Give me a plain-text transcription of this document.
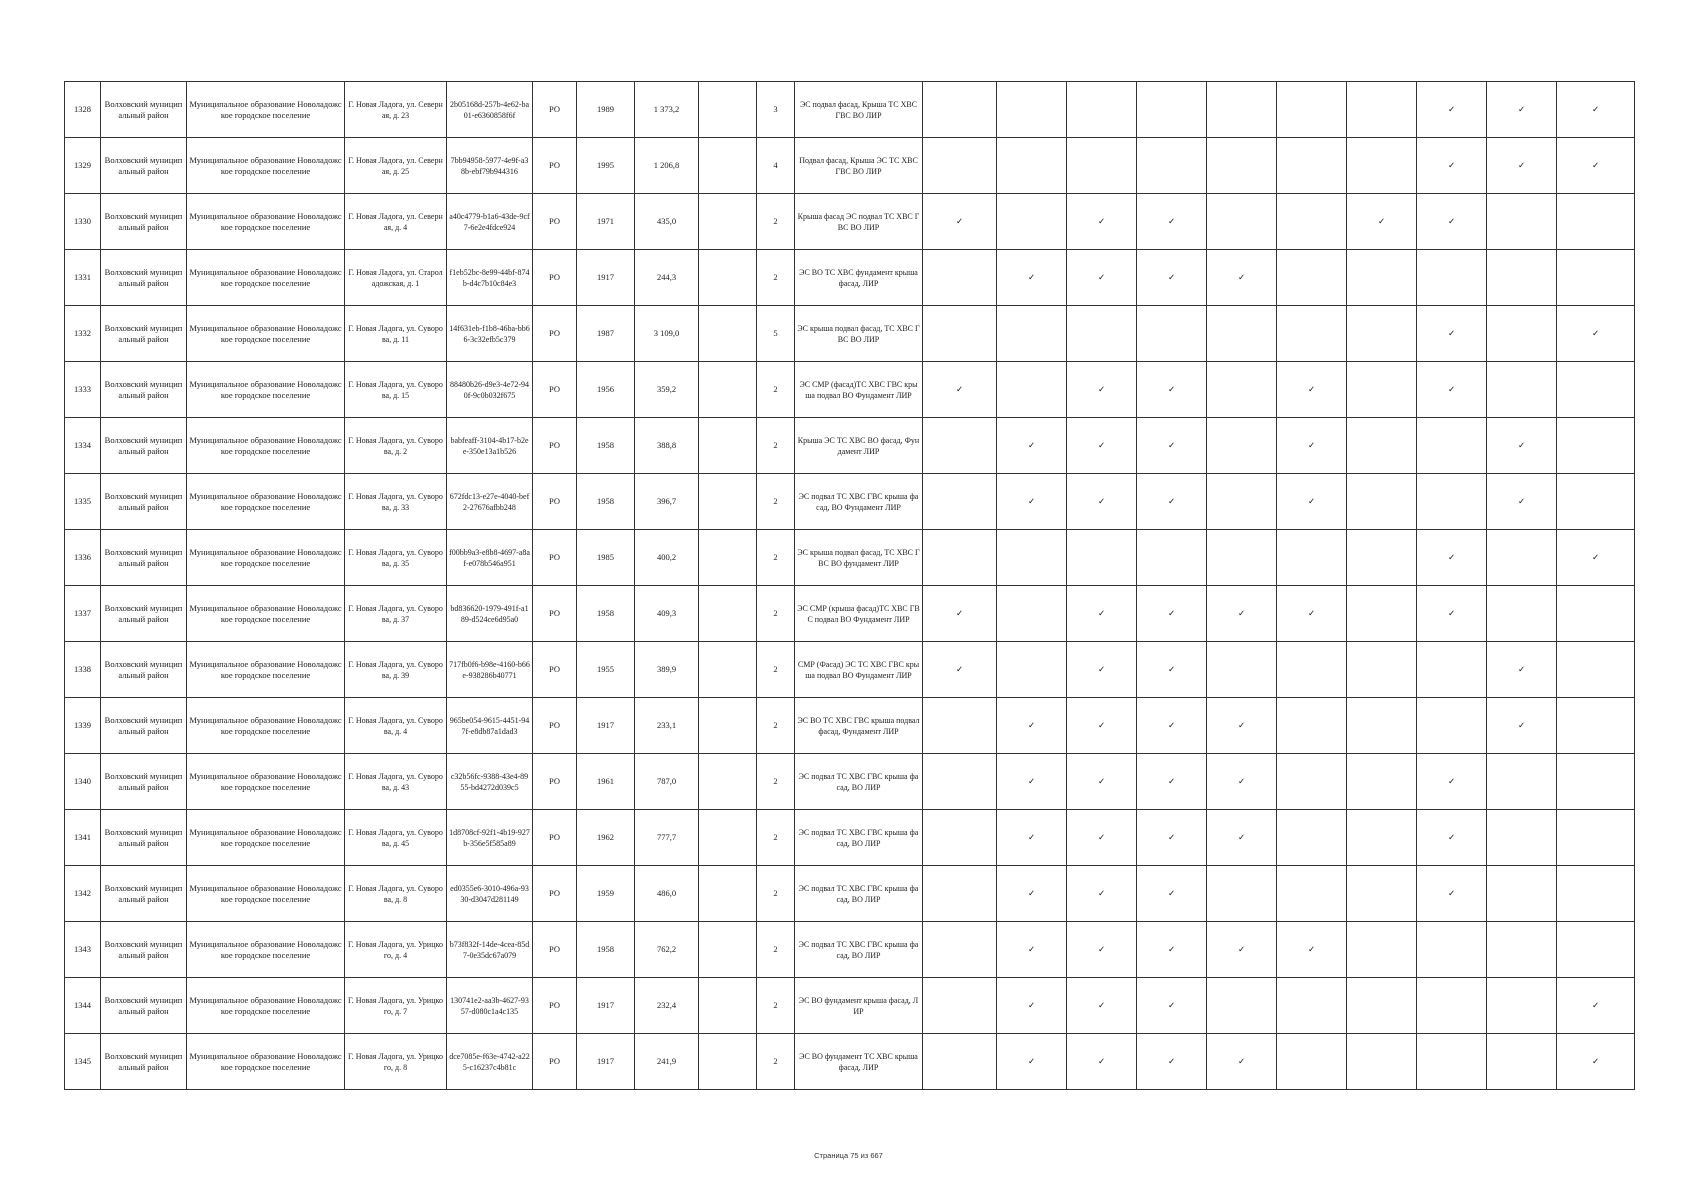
1328	Волховский муниципальный район	Муниципальное образование Новоладожское городское поселение	Г. Новая Ладога, ул. Северная, д. 23	2b05168d-257b-4e62-ba01-e6360858f6f	РО	1989	1 373,2		3	ЭС подвал фасад, Крыша ТС ХВС ГВС ВО ЛИР								✓	✓	✓
1329	Волховский муниципальный район	Муниципальное образование Новоладожское городское поселение	Г. Новая Ладога, ул. Северная, д. 25	7bb94958-5977-4e9f-a38b-ebf79b944316	РО	1995	1 206,8		4	Подвал фасад, Крыша ЭС ТС ХВС ГВС ВО ЛИР								✓	✓	✓
1330	Волховский муниципальный район	Муниципальное образование Новоладожское городское поселение	Г. Новая Ладога, ул. Северная, д. 4	a40c4779-b1a6-43de-9cf7-6e2e4fdce924	РО	1971	435,0		2	Крыша фасад ЭС подвал ТС ХВС ГВС ВО ЛИР	✓		✓	✓			✓	✓		
1331	Волховский муниципальный район	Муниципальное образование Новоладожское городское поселение	Г. Новая Ладога, ул. Староладожская, д. 1	f1eb52bc-8e99-44bf-874b-d4c7b10c84e3	РО	1917	244,3		2	ЭС ВО ТС ХВС фундамент крыша фасад, ЛИР		✓	✓	✓	✓					
1332	Волховский муниципальный район	Муниципальное образование Новоладожское городское поселение	Г. Новая Ладога, ул. Суворова, д. 11	14f631eb-f1b8-46ba-bb66-3c32efb5c379	РО	1987	3 109,0		5	ЭС крыша подвал фасад, ТС ХВС ГВС ВО ЛИР								✓		✓
1333	Волховский муниципальный район	Муниципальное образование Новоладожское городское поселение	Г. Новая Ладога, ул. Суворова, д. 15	88480b26-d9e3-4e72-940f-9c0b032f675	РО	1956	359,2		2	ЭС СМР (фасад)ТС ХВС ГВС крыша подвал ВО Фундамент ЛИР	✓		✓	✓		✓		✓		
1334	Волховский муниципальный район	Муниципальное образование Новоладожское городское поселение	Г. Новая Ладога, ул. Суворова, д. 2	babfeaff-3104-4b17-b2ee-350e13a1b526	РО	1958	388,8		2	Крыша ЭС ТС ХВС ВО фасад, Фундамент ЛИР		✓	✓	✓		✓			✓	
1335	Волховский муниципальный район	Муниципальное образование Новоладожское городское поселение	Г. Новая Ладога, ул. Суворова, д. 33	672fdc13-e27e-4040-bef2-27676afbb248	РО	1958	396,7		2	ЭС подвал ТС ХВС ГВС крыша фасад, ВО Фундамент ЛИР		✓	✓	✓		✓			✓	
1336	Волховский муниципальный район	Муниципальное образование Новоладожское городское поселение	Г. Новая Ладога, ул. Суворова, д. 35	f00bb9a3-e8b8-4697-a8af-e078b546a951	РО	1985	400,2		2	ЭС крыша подвал фасад, ТС ХВС ГВС ВО фундамент ЛИР								✓		✓
1337	Волховский муниципальный район	Муниципальное образование Новоладожское городское поселение	Г. Новая Ладога, ул. Суворова, д. 37	bd836620-1979-491f-a189-d524ce6d95a0	РО	1958	409,3		2	ЭС СМР (крыша фасад)ТС ХВС ГВС подвал ВО Фундамент ЛИР	✓		✓	✓	✓	✓		✓		
1338	Волховский муниципальный район	Муниципальное образование Новоладожское городское поселение	Г. Новая Ладога, ул. Суворова, д. 39	717fb0f6-b98e-4160-b66e-938286b40771	РО	1955	389,9		2	СМР (Фасад) ЭС ТС ХВС ГВС крыша подвал ВО Фундамент ЛИР	✓		✓	✓					✓	
1339	Волховский муниципальный район	Муниципальное образование Новоладожское городское поселение	Г. Новая Ладога, ул. Суворова, д. 4	965be054-9615-4451-947f-e8db87a1dad3	РО	1917	233,1		2	ЭС ВО ТС ХВС ГВС крыша подвал фасад, Фундамент ЛИР		✓	✓	✓	✓				✓	
1340	Волховский муниципальный район	Муниципальное образование Новоладожское городское поселение	Г. Новая Ладога, ул. Суворова, д. 43	c32b56fc-9388-43e4-8955-bd4272d039c5	РО	1961	787,0		2	ЭС подвал ТС ХВС ГВС крыша фасад, ВО ЛИР		✓	✓	✓	✓			✓		
1341	Волховский муниципальный район	Муниципальное образование Новоладожское городское поселение	Г. Новая Ладога, ул. Суворова, д. 45	1d8708cf-92f1-4b19-927b-356e5f585a89	РО	1962	777,7		2	ЭС подвал ТС ХВС ГВС крыша фасад, ВО ЛИР		✓	✓	✓	✓			✓		
1342	Волховский муниципальный район	Муниципальное образование Новоладожское городское поселение	Г. Новая Ладога, ул. Суворова, д. 8	ed0355e6-3010-496a-9330-d3047d281149	РО	1959	486,0		2	ЭС подвал ТС ХВС ГВС крыша фасад, ВО ЛИР		✓	✓	✓				✓		
1343	Волховский муниципальный район	Муниципальное образование Новоладожское городское поселение	Г. Новая Ладога, ул. Урицкого, д. 4	b73f832f-14de-4cea-85d7-0e35dc67a079	РО	1958	762,2		2	ЭС подвал ТС ХВС ГВС крыша фасад, ВО ЛИР		✓	✓	✓	✓	✓				
1344	Волховский муниципальный район	Муниципальное образование Новоладожское городское поселение	Г. Новая Ладога, ул. Урицкого, д. 7	130741e2-aa3b-4627-9357-d080c1a4c135	РО	1917	232,4		2	ЭС ВО фундамент крыша фасад, ЛИР		✓	✓	✓						✓
1345	Волховский муниципальный район	Муниципальное образование Новоладожское городское поселение	Г. Новая Ладога, ул. Урицкого, д. 8	dce7085e-f63e-4742-a225-c16237c4b81c	РО	1917	241,9		2	ЭС ВО фундамент ТС ХВС крыша фасад, ЛИР		✓	✓	✓	✓					✓
Страница 75 из 667
